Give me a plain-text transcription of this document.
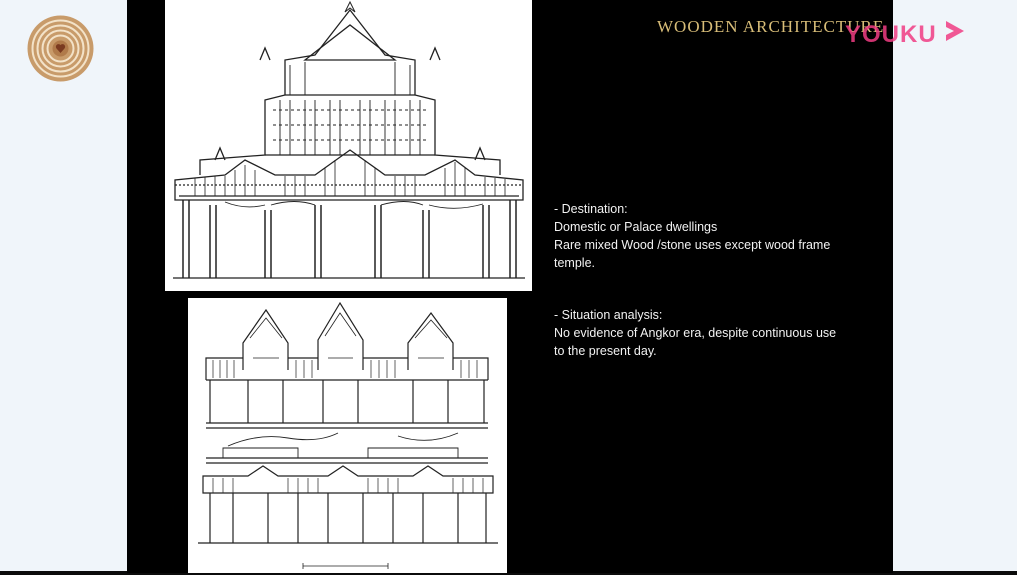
WOODEN ARCHITECTURE

- Destination:

Domestic or Palace dwellings

Rare mixed Wood /stone uses except wood frame

temple.

- Situation analysis:

No evidence of Angkor era, despite continuous use

to the present day.

YOUKU
